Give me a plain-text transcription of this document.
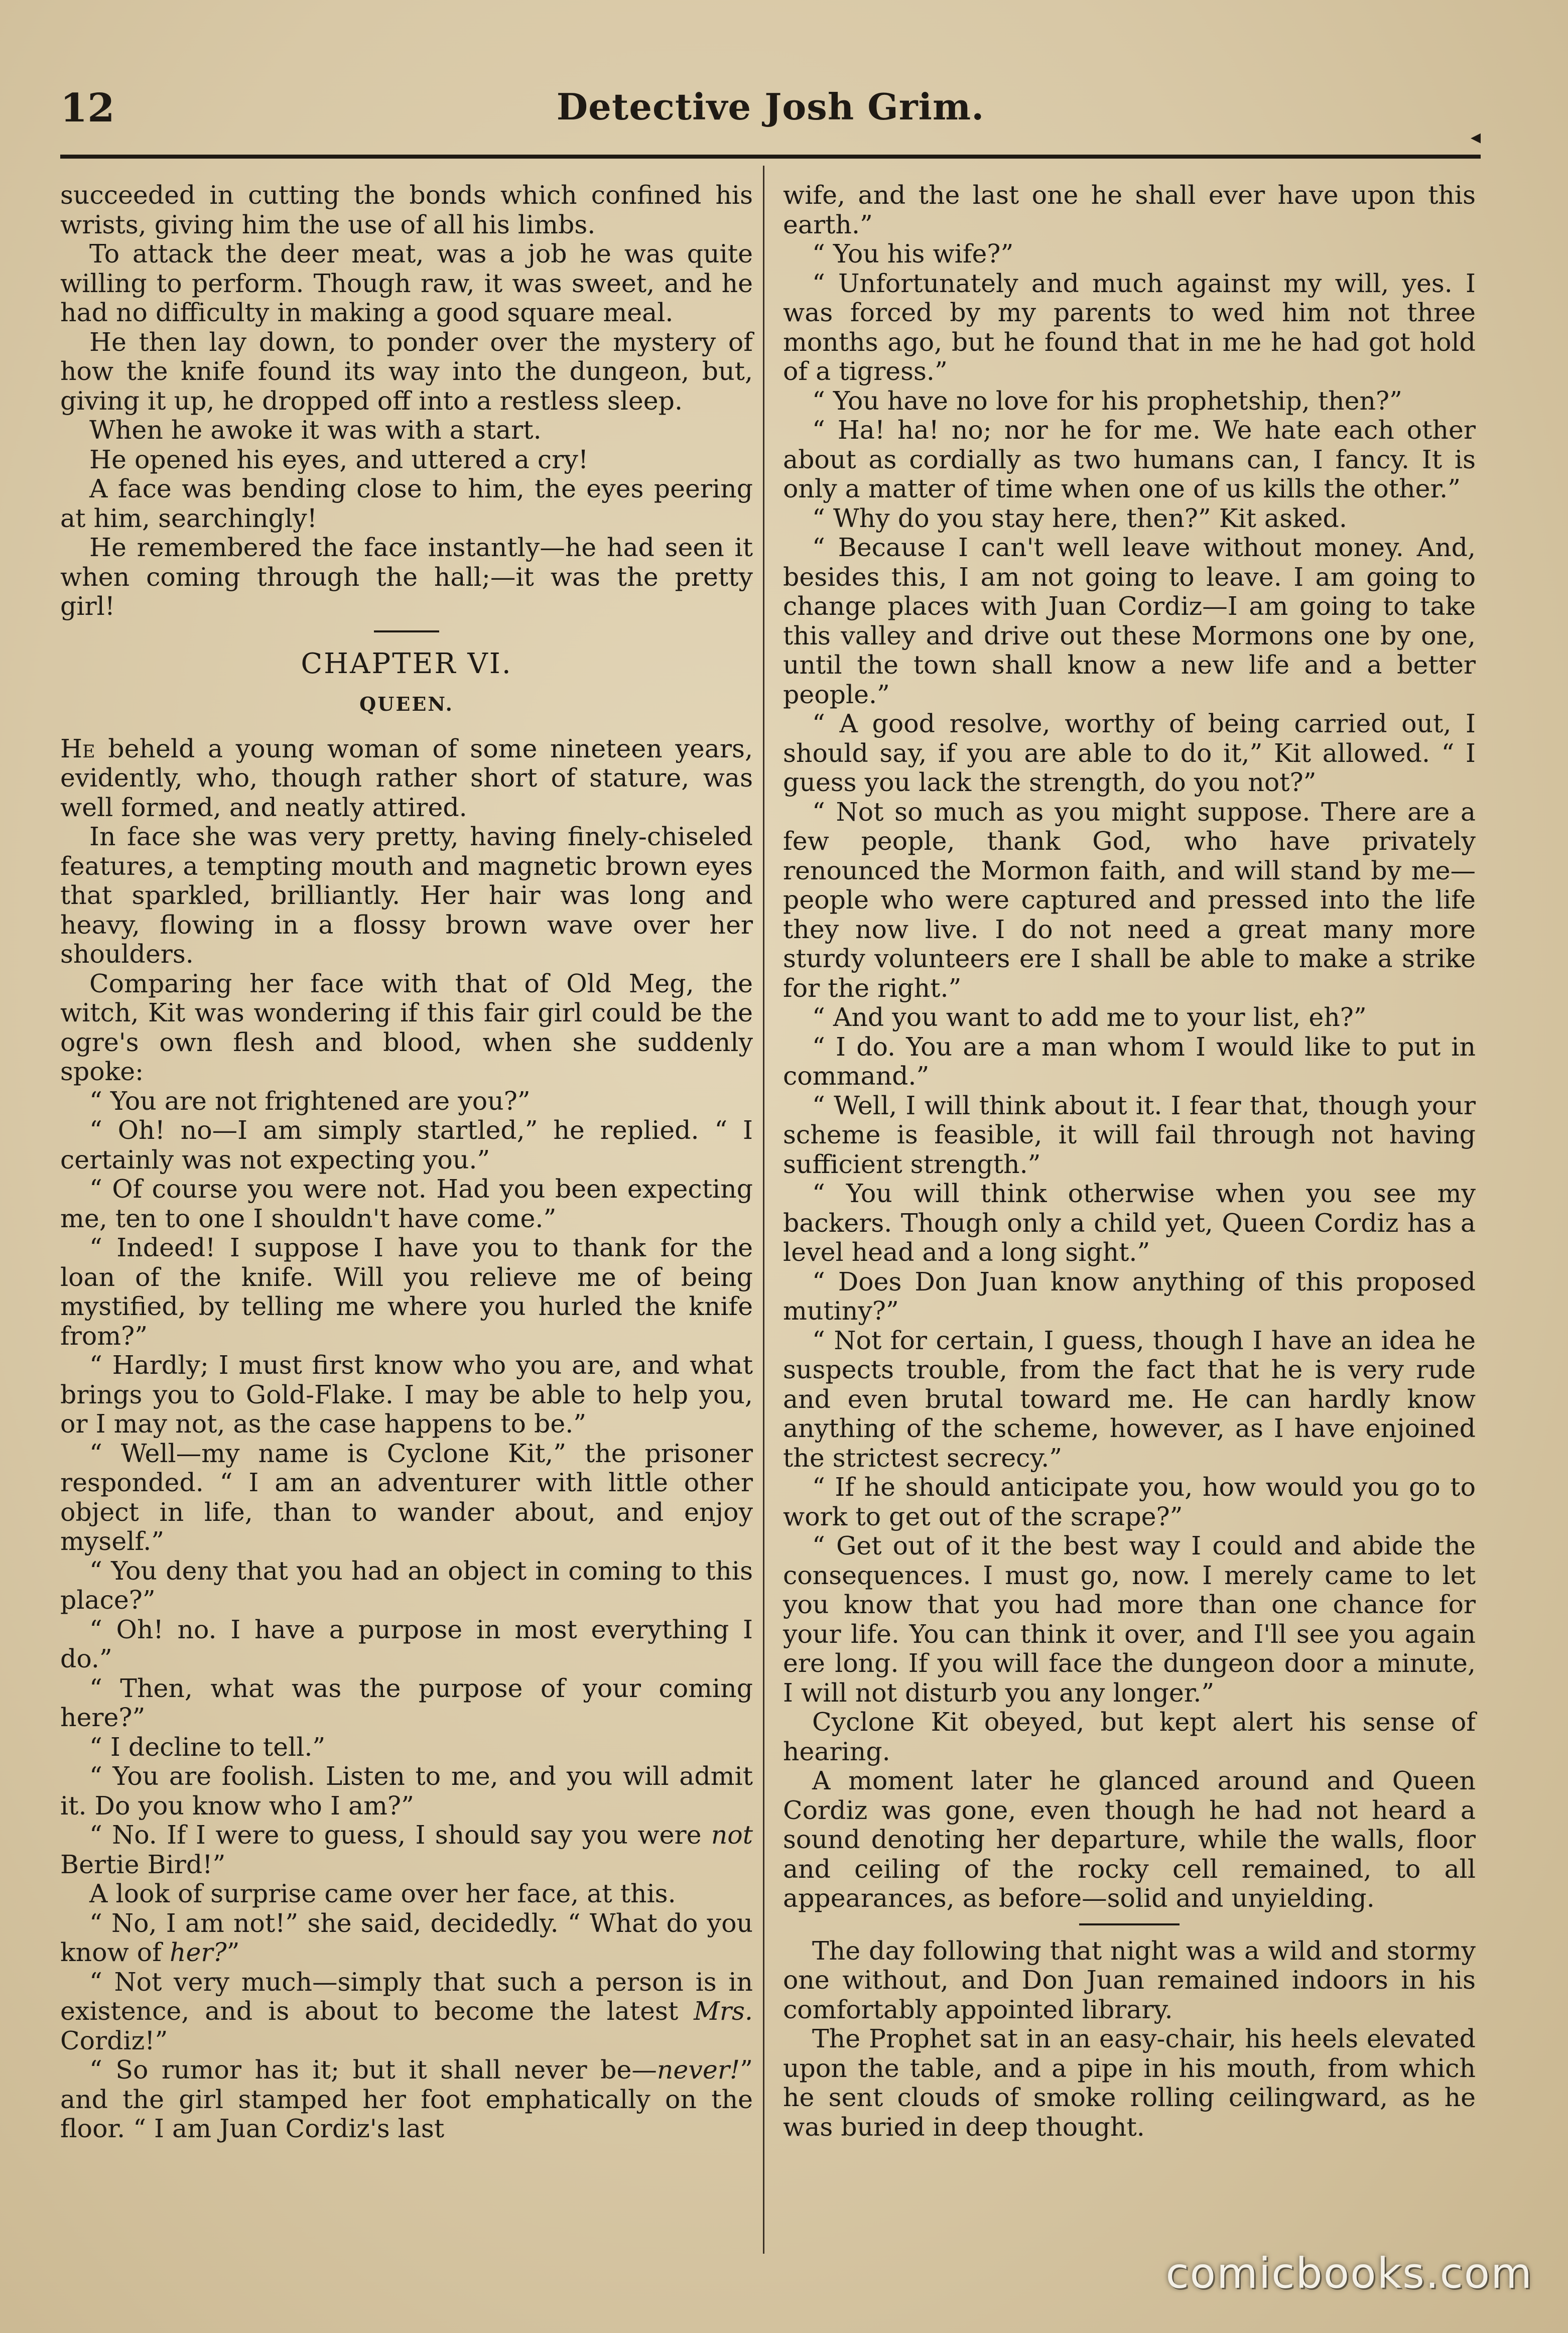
12	Detective Josh Grim.
◂

succeeded in cutting the bonds which confined his wrists, giving him the use of all his limbs.

To attack the deer meat, was a job he was quite willing to perform. Though raw, it was sweet, and he had no difficulty in making a good square meal.

He then lay down, to ponder over the mystery of how the knife found its way into the dungeon, but, giving it up, he dropped off into a restless sleep.

When he awoke it was with a start.

He opened his eyes, and uttered a cry!

A face was bending close to him, the eyes peering at him, searchingly!

He remembered the face instantly—he had seen it when coming through the hall;—it was the pretty girl!

CHAPTER VI.
QUEEN.

He beheld a young woman of some nineteen years, evidently, who, though rather short of stature, was well formed, and neatly attired.

In face she was very pretty, having finely-chiseled features, a tempting mouth and magnetic brown eyes that sparkled, brilliantly. Her hair was long and heavy, flowing in a flossy brown wave over her shoulders.

Comparing her face with that of Old Meg, the witch, Kit was wondering if this fair girl could be the ogre's own flesh and blood, when she suddenly spoke:

“ You are not frightened are you?”

“ Oh! no—I am simply startled,” he replied. “ I certainly was not expecting you.”

“ Of course you were not. Had you been expecting me, ten to one I shouldn't have come.”

“ Indeed! I suppose I have you to thank for the loan of the knife. Will you relieve me of being mystified, by telling me where you hurled the knife from?”

“ Hardly; I must first know who you are, and what brings you to Gold-Flake. I may be able to help you, or I may not, as the case happens to be.”

“ Well—my name is Cyclone Kit,” the prisoner responded. “ I am an adventurer with little other object in life, than to wander about, and enjoy myself.”

“ You deny that you had an object in coming to this place?”

“ Oh! no. I have a purpose in most everything I do.”

“ Then, what was the purpose of your coming here?”

“ I decline to tell.”

“ You are foolish. Listen to me, and you will admit it. Do you know who I am?”

“ No. If I were to guess, I should say you were not Bertie Bird!”

A look of surprise came over her face, at this.

“ No, I am not!” she said, decidedly. “ What do you know of her?”

“ Not very much—simply that such a person is in existence, and is about to become the latest Mrs. Cordiz!”

“ So rumor has it; but it shall never be—never!” and the girl stamped her foot emphatically on the floor. “ I am Juan Cordiz's last

wife, and the last one he shall ever have upon this earth.”

“ You his wife?”

“ Unfortunately and much against my will, yes. I was forced by my parents to wed him not three months ago, but he found that in me he had got hold of a tigress.”

“ You have no love for his prophetship, then?”

“ Ha! ha! no; nor he for me. We hate each other about as cordially as two humans can, I fancy. It is only a matter of time when one of us kills the other.”

“ Why do you stay here, then?” Kit asked.

“ Because I can't well leave without money. And, besides this, I am not going to leave. I am going to change places with Juan Cordiz—I am going to take this valley and drive out these Mormons one by one, until the town shall know a new life and a better people.”

“ A good resolve, worthy of being carried out, I should say, if you are able to do it,” Kit allowed. “ I guess you lack the strength, do you not?”

“ Not so much as you might suppose. There are a few people, thank God, who have privately renounced the Mormon faith, and will stand by me—people who were captured and pressed into the life they now live. I do not need a great many more sturdy volunteers ere I shall be able to make a strike for the right.”

“ And you want to add me to your list, eh?”

“ I do. You are a man whom I would like to put in command.”

“ Well, I will think about it. I fear that, though your scheme is feasible, it will fail through not having sufficient strength.”

“ You will think otherwise when you see my backers. Though only a child yet, Queen Cordiz has a level head and a long sight.”

“ Does Don Juan know anything of this proposed mutiny?”

“ Not for certain, I guess, though I have an idea he suspects trouble, from the fact that he is very rude and even brutal toward me. He can hardly know anything of the scheme, however, as I have enjoined the strictest secrecy.”

“ If he should anticipate you, how would you go to work to get out of the scrape?”

“ Get out of it the best way I could and abide the consequences. I must go, now. I merely came to let you know that you had more than one chance for your life. You can think it over, and I'll see you again ere long. If you will face the dungeon door a minute, I will not disturb you any longer.”

Cyclone Kit obeyed, but kept alert his sense of hearing.

A moment later he glanced around and Queen Cordiz was gone, even though he had not heard a sound denoting her departure, while the walls, floor and ceiling of the rocky cell remained, to all appearances, as before—solid and unyielding.

The day following that night was a wild and stormy one without, and Don Juan remained indoors in his comfortably appointed library.

The Prophet sat in an easy-chair, his heels elevated upon the table, and a pipe in his mouth, from which he sent clouds of smoke rolling ceilingward, as he was buried in deep thought.

comicbooks.com
